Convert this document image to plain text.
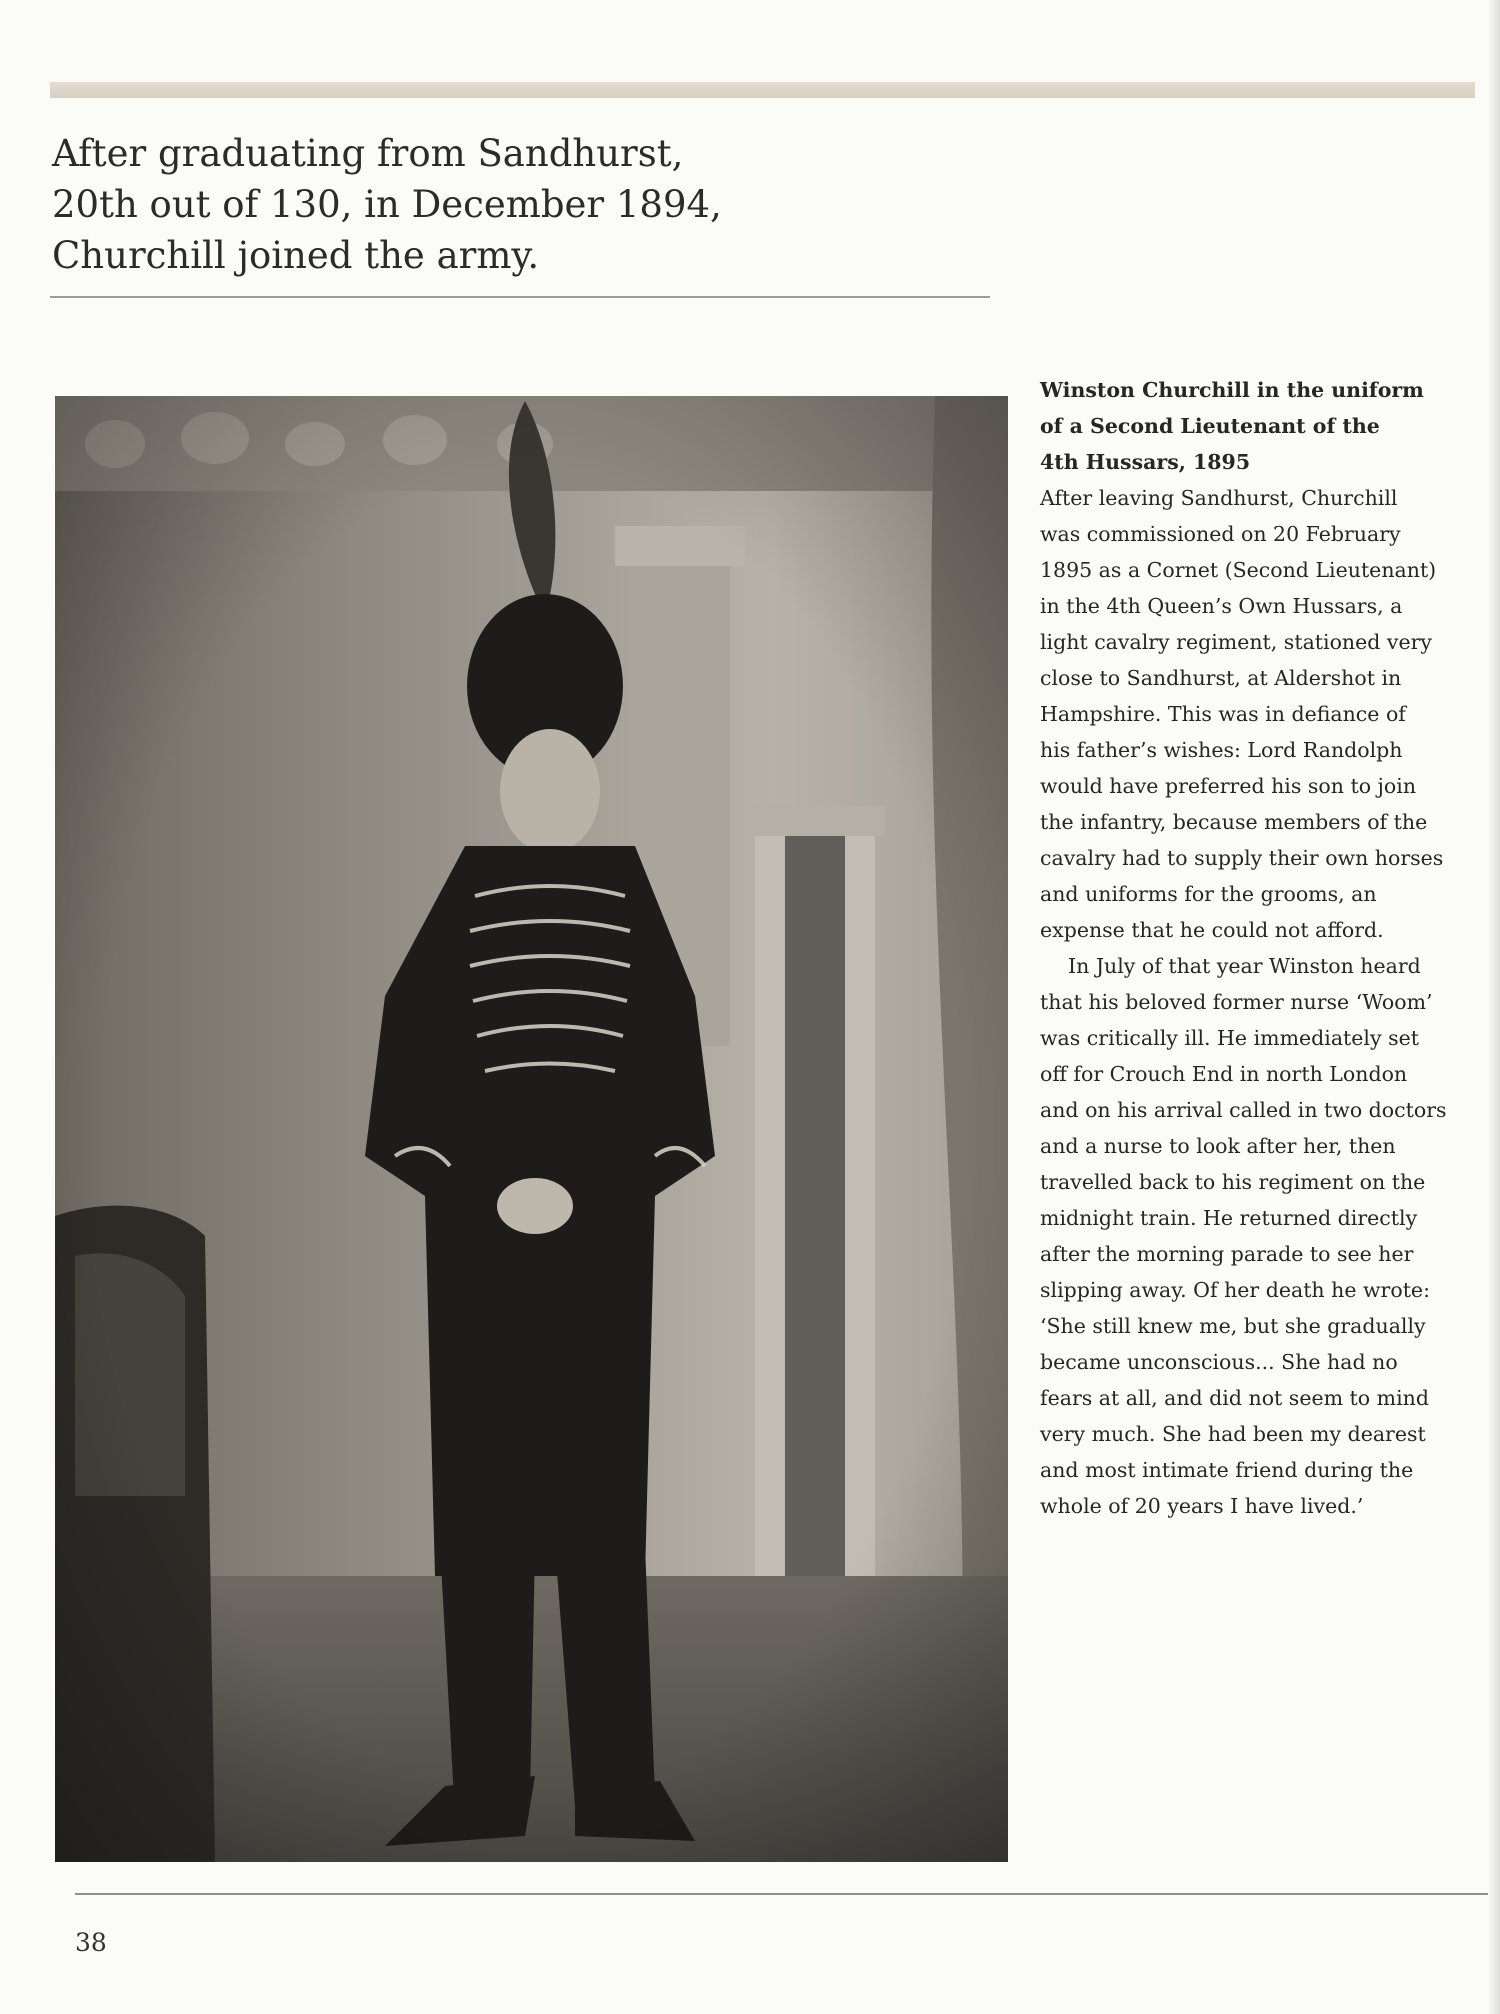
After graduating from Sandhurst,
20th out of 130, in December 1894,
Churchill joined the army.
Winston Churchill in the uniform
of a Second Lieutenant of the
4th Hussars, 1895
After leaving Sandhurst, Churchill
was commissioned on 20 February
1895 as a Cornet (Second Lieutenant)
in the 4th Queen’s Own Hussars, a
light cavalry regiment, stationed very
close to Sandhurst, at Aldershot in
Hampshire. This was in defiance of
his father’s wishes: Lord Randolph
would have preferred his son to join
the infantry, because members of the
cavalry had to supply their own horses
and uniforms for the grooms, an
expense that he could not afford.
In July of that year Winston heard
that his beloved former nurse ‘Woom’
was critically ill. He immediately set
off for Crouch End in north London
and on his arrival called in two doctors
and a nurse to look after her, then
travelled back to his regiment on the
midnight train. He returned directly
after the morning parade to see her
slipping away. Of her death he wrote:
‘She still knew me, but she gradually
became unconscious... She had no
fears at all, and did not seem to mind
very much. She had been my dearest
and most intimate friend during the
whole of 20 years I have lived.’
38
